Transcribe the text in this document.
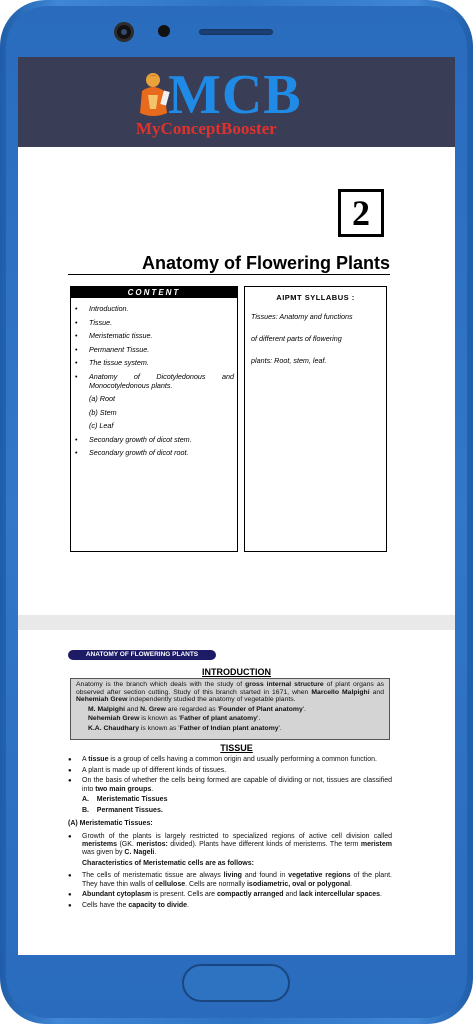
MCB
MyConceptBooster
2
Anatomy of Flowering Plants
CONTENT
• Introduction.
• Tissue.
• Meristematic tissue.
• Permanent Tissue.
• The tissue system.
• Anatomy of Dicotyledonous and Monocotyledonous plants.
(a) Root
(b) Stem
(c) Leaf
• Secondary growth of dicot stem.
• Secondary growth of dicot root.
AIPMT SYLLABUS :
Tissues: Anatomy and functions
of different parts of flowering
plants: Root, stem, leaf.
ANATOMY OF FLOWERING PLANTS
INTRODUCTION

Anatomy is the branch which deals with the study of gross internal structure of plant organs as observed after section cutting. Study of this branch started in 1671, when Marcello Malpighi and Nehemiah Grew independently studied the anatomy of vegetable plants.

M. Malpighi and N. Grew are regarded as 'Founder of Plant anatomy'.

Nehemiah Grew is known as 'Father of plant anatomy'.

K.A. Chaudhary is known as 'Father of Indian plant anatomy'.

TISSUE

● A tissue is a group of cells having a common origin and usually performing a common function.

● A plant is made up of different kinds of tissues.

● On the basis of whether the cells being formed are capable of dividing or not, tissues are classified into two main groups.

A.    Meristematic Tissues

B.    Permanent Tissues.

(A) Meristematic Tissues:

● Growth of the plants is largely restricted to specialized regions of active cell division called meristems (GK. meristos: divided). Plants have different kinds of meristems. The term meristem was given by C. Nageli.

Characteristics of Meristematic cells are as follows:

● The cells of meristematic tissue are always living and found in vegetative regions of the plant. They have thin walls of cellulose. Cells are normally isodiametric, oval or polygonal.

● Abundant cytoplasm is present. Cells are compactly arranged and lack intercellular spaces.

● Cells have the capacity to divide.
